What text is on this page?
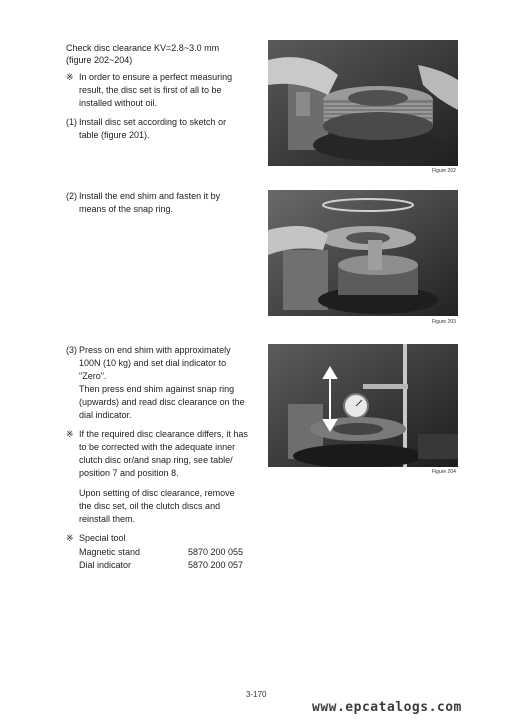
Check disc clearance KV=2.8~3.0 mm
(figure 202~204)
※ In order to ensure a perfect measuring result, the disc set is first of all to be installed without oil.
(1) Install disc set according to sketch or table (figure 201).
(2) Install the end shim and fasten it by means of the snap ring.
(3) Press on end shim with approximately 100N (10 kg) and set dial indicator to "Zero".
Then press end shim against snap ring (upwards) and read disc clearance on the dial indicator.
※ If the required disc clearance differs, it has to be corrected with the adequate inner clutch disc or/and snap ring, see table/ position 7 and position 8.
Upon setting of disc clearance, remove the disc set, oil the clutch discs and reinstall them.
※ Special tool
Magnetic stand	5870 200 055
Dial indicator	5870 200 057
Figure 202
Figure 203
Figure 204
3-170
www.epcatalogs.com
